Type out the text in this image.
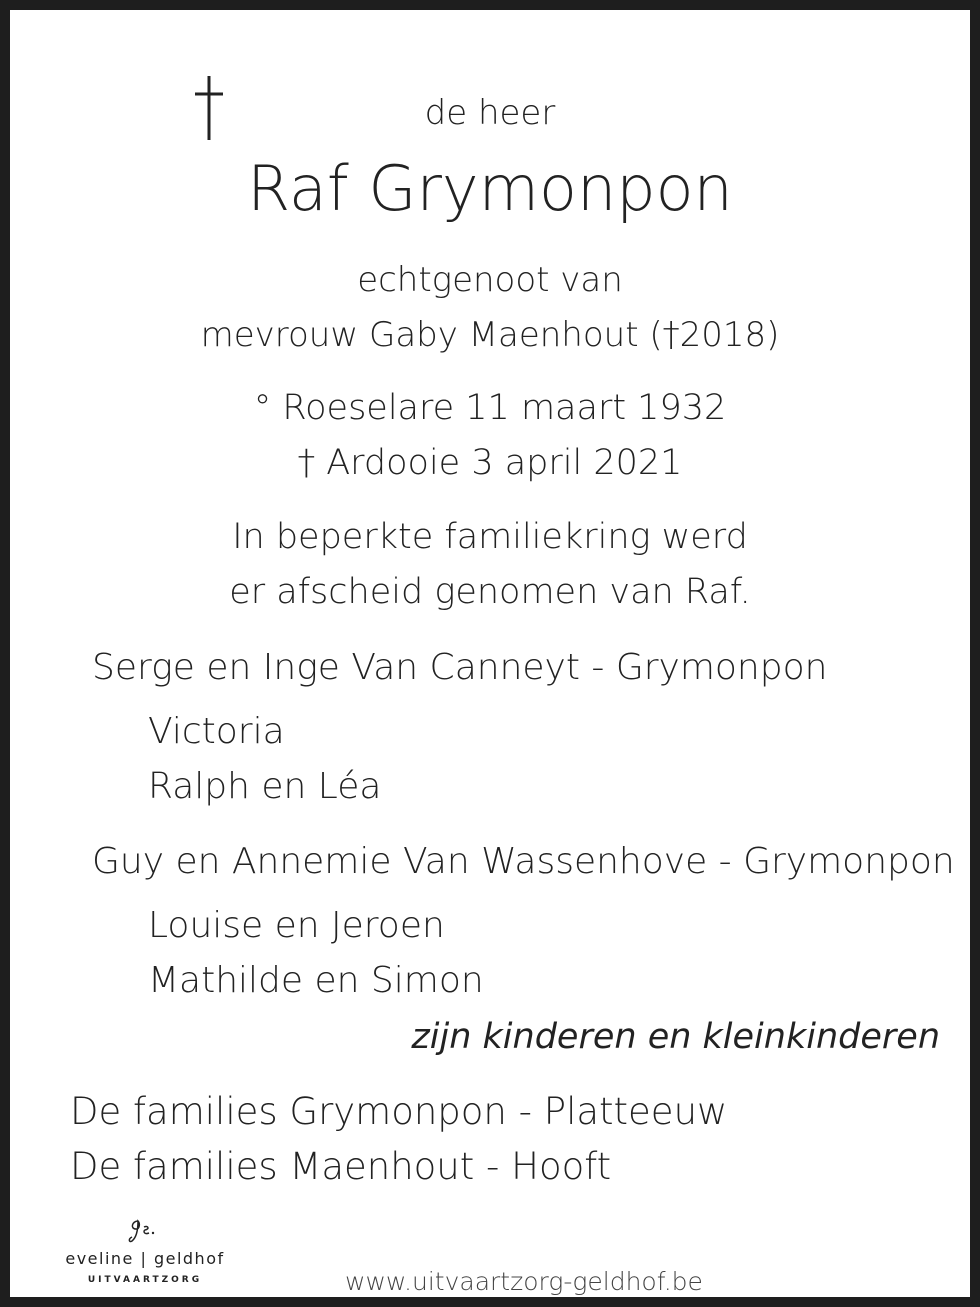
de heer
Raf Grymonpon
echtgenoot van
mevrouw Gaby Maenhout (†2018)
° Roeselare 11 maart 1932
† Ardooie 3 april 2021
In beperkte familiekring werd
er afscheid genomen van Raf.
Serge en Inge Van Canneyt - Grymonpon
Victoria
Ralph en Léa
Guy en Annemie Van Wassenhove - Grymonpon
Louise en Jeroen
Mathilde en Simon
zijn kinderen en kleinkinderen
De families Grymonpon - Platteeuw
De families Maenhout - Hooft
eveline | geldhof
UITVAARTZORG	www.uitvaartzorg-geldhof.be
